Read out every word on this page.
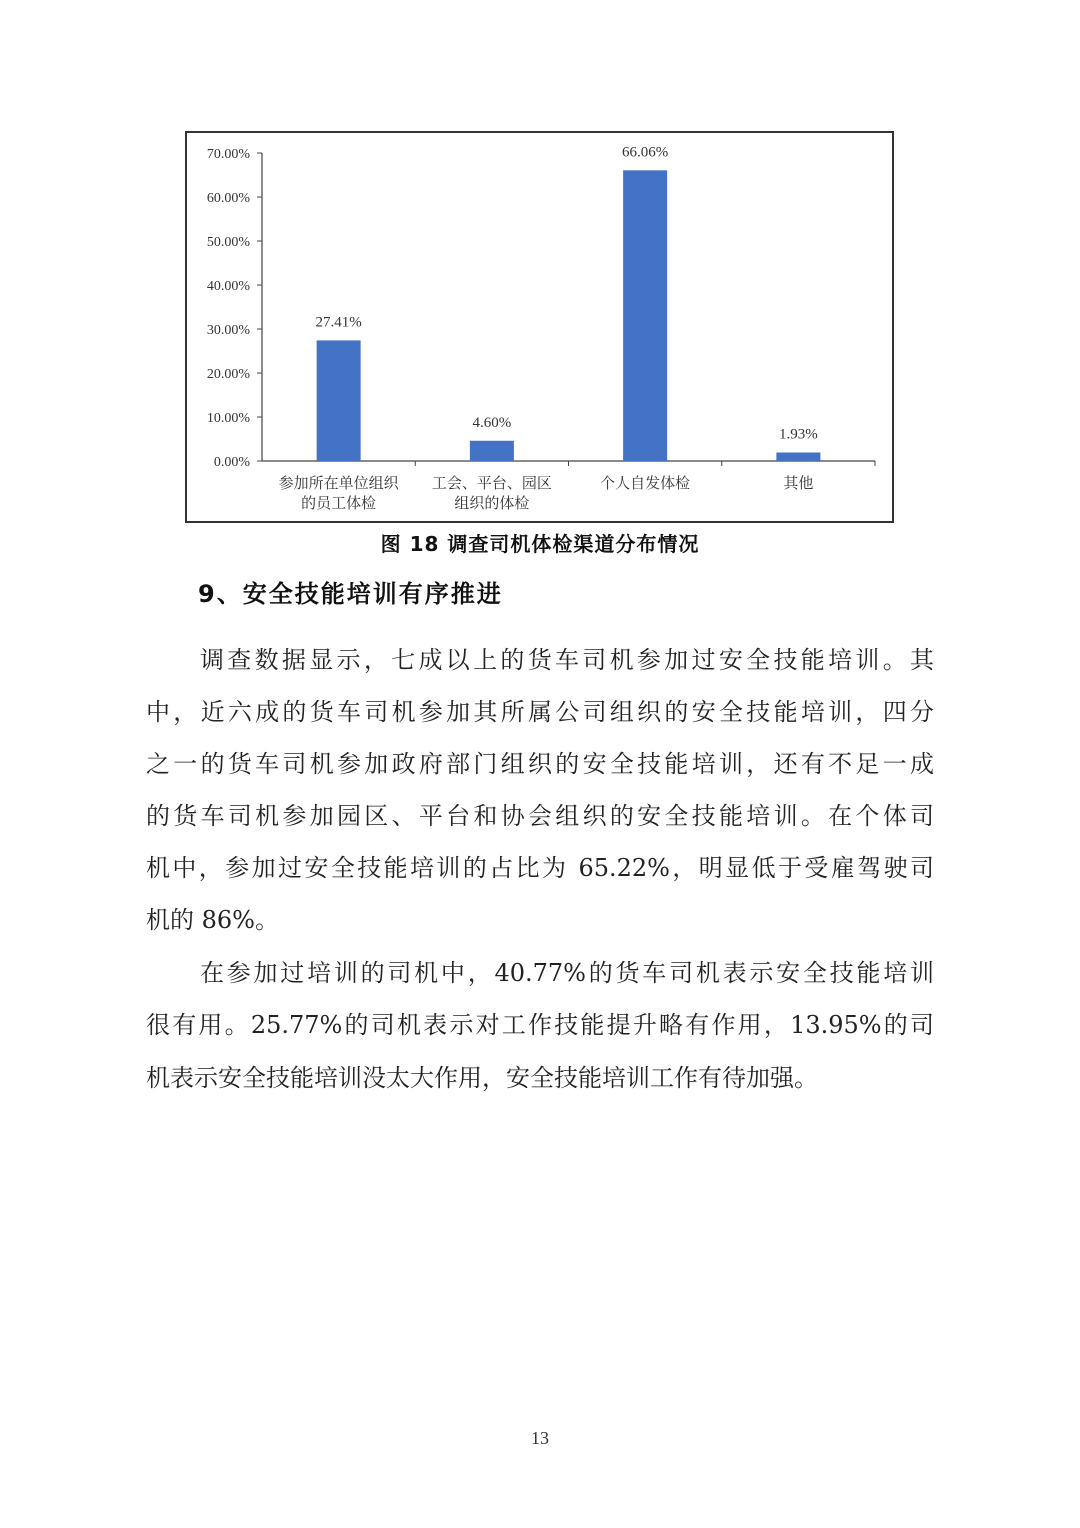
0.00%
10.00%
20.00%
30.00%
40.00%
50.00%
60.00%
70.00%
27.41%
参加所在单位组织
的员工体检
4.60%
工会、平台、园区
组织的体检
66.06%
个人自发体检
1.93%
其他
图 18 调查司机体检渠道分布情况
9、安全技能培训有序推进
调查数据显示，七成以上的货车司机参加过安全技能培训。其
中，近六成的货车司机参加其所属公司组织的安全技能培训，四分
之一的货车司机参加政府部门组织的安全技能培训，还有不足一成
的货车司机参加园区、平台和协会组织的安全技能培训。在个体司
机中，参加过安全技能培训的占比为 65.22%，明显低于受雇驾驶司
机的 86%。
在参加过培训的司机中，40.77%的货车司机表示安全技能培训
很有用。25.77%的司机表示对工作技能提升略有作用，13.95%的司
机表示安全技能培训没太大作用，安全技能培训工作有待加强。
13
